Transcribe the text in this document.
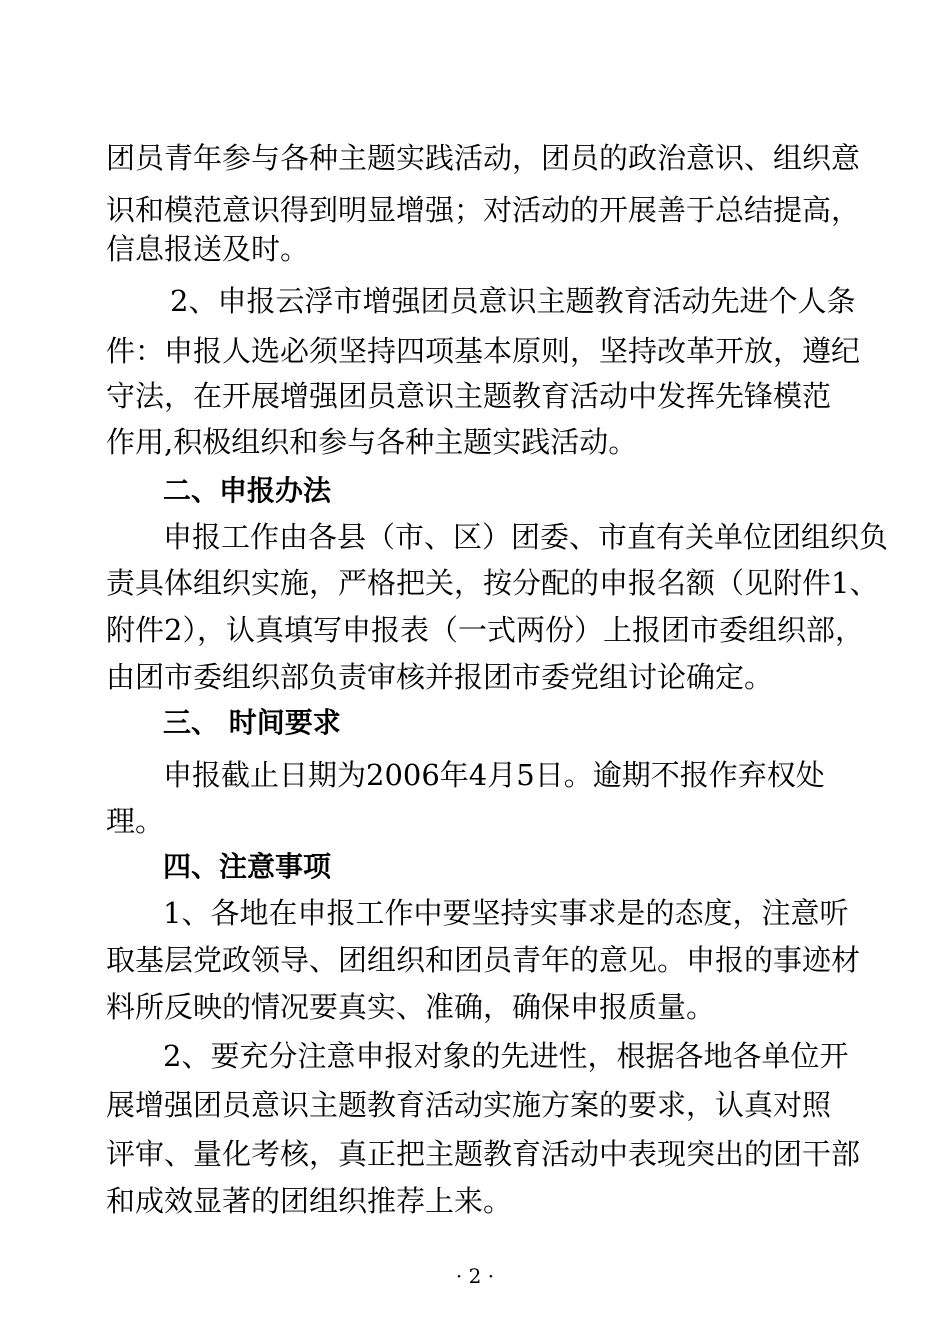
团员青年参与各种主题实践活动，团员的政治意识、组织意
识和模范意识得到明显增强；对活动的开展善于总结提高，
信息报送及时。
2、申报云浮市增强团员意识主题教育活动先进个人条
件：申报人选必须坚持四项基本原则，坚持改革开放，遵纪
守法，在开展增强团员意识主题教育活动中发挥先锋模范
作用,积极组织和参与各种主题实践活动。
二、申报办法
申报工作由各县（市、区）团委、市直有关单位团组织负
责具体组织实施，严格把关，按分配的申报名额（见附件1、
附件2），认真填写申报表（一式两份）上报团市委组织部，
由团市委组织部负责审核并报团市委党组讨论确定。
三、 时间要求
申报截止日期为2006年4月5日。逾期不报作弃权处
理。
四、注意事项
1、各地在申报工作中要坚持实事求是的态度，注意听
取基层党政领导、团组织和团员青年的意见。申报的事迹材
料所反映的情况要真实、准确，确保申报质量。
2、要充分注意申报对象的先进性，根据各地各单位开
展增强团员意识主题教育活动实施方案的要求，认真对照
评审、量化考核，真正把主题教育活动中表现突出的团干部
和成效显著的团组织推荐上来。
· 2 ·
